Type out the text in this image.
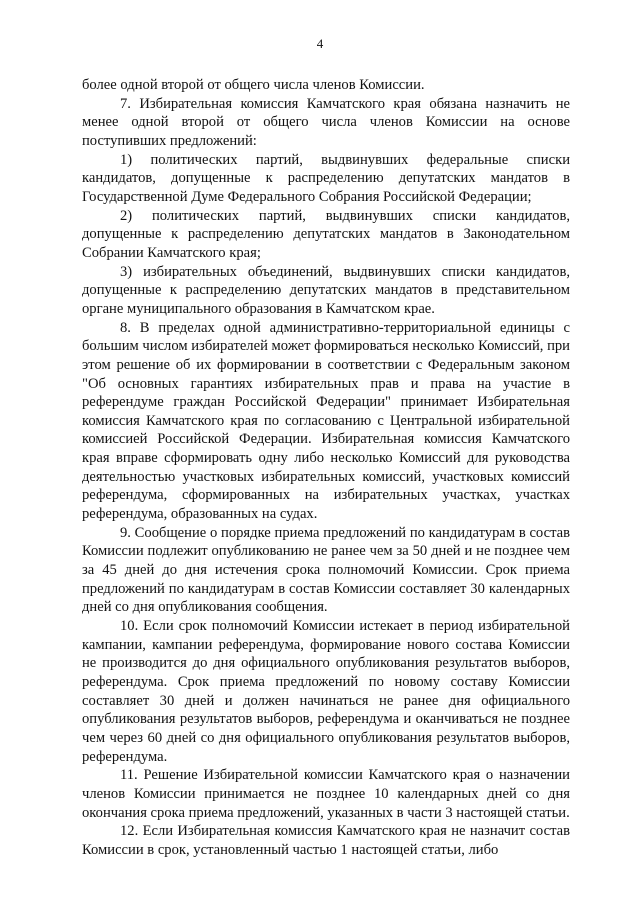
4

более одной второй от общего числа членов Комиссии.

7. Избирательная комиссия Камчатского края обязана назначить не менее одной второй от общего числа членов Комиссии на основе поступивших предложений:

1) политических партий, выдвинувших федеральные списки кандидатов, допущенные к распределению депутатских мандатов в Государственной Думе Федерального Собрания Российской Федерации;

2) политических партий, выдвинувших списки кандидатов, допущенные к распределению депутатских мандатов в Законодательном Собрании Камчатского края;

3) избирательных объединений, выдвинувших списки кандидатов, допущенные к распределению депутатских мандатов в представительном органе муниципального образования в Камчатском крае.

8. В пределах одной административно-территориальной единицы с большим числом избирателей может формироваться несколько Комиссий, при этом решение об их формировании в соответствии с Федеральным законом "Об основных гарантиях избирательных прав и права на участие в референдуме граждан Российской Федерации" принимает Избирательная комиссия Камчатского края по согласованию с Центральной избирательной комиссией Российской Федерации. Избирательная комиссия Камчатского края вправе сформировать одну либо несколько Комиссий для руководства деятельностью участковых избирательных комиссий, участковых комиссий референдума, сформированных на избирательных участках, участках референдума, образованных на судах.

9. Сообщение о порядке приема предложений по кандидатурам в состав Комиссии подлежит опубликованию не ранее чем за 50 дней и не позднее чем за 45 дней до дня истечения срока полномочий Комиссии. Срок приема предложений по кандидатурам в состав Комиссии составляет 30 календарных дней со дня опубликования сообщения.

10. Если срок полномочий Комиссии истекает в период избирательной кампании, кампании референдума, формирование нового состава Комиссии не производится до дня официального опубликования результатов выборов, референдума. Срок приема предложений по новому составу Комиссии составляет 30 дней и должен начинаться не ранее дня официального опубликования результатов выборов, референдума и оканчиваться не позднее чем через 60 дней со дня официального опубликования результатов выборов, референдума.

11. Решение Избирательной комиссии Камчатского края о назначении членов Комиссии принимается не позднее 10 календарных дней со дня окончания срока приема предложений, указанных в части 3 настоящей статьи.

12. Если Избирательная комиссия Камчатского края не назначит состав Комиссии в срок, установленный частью 1 настоящей статьи, либо
